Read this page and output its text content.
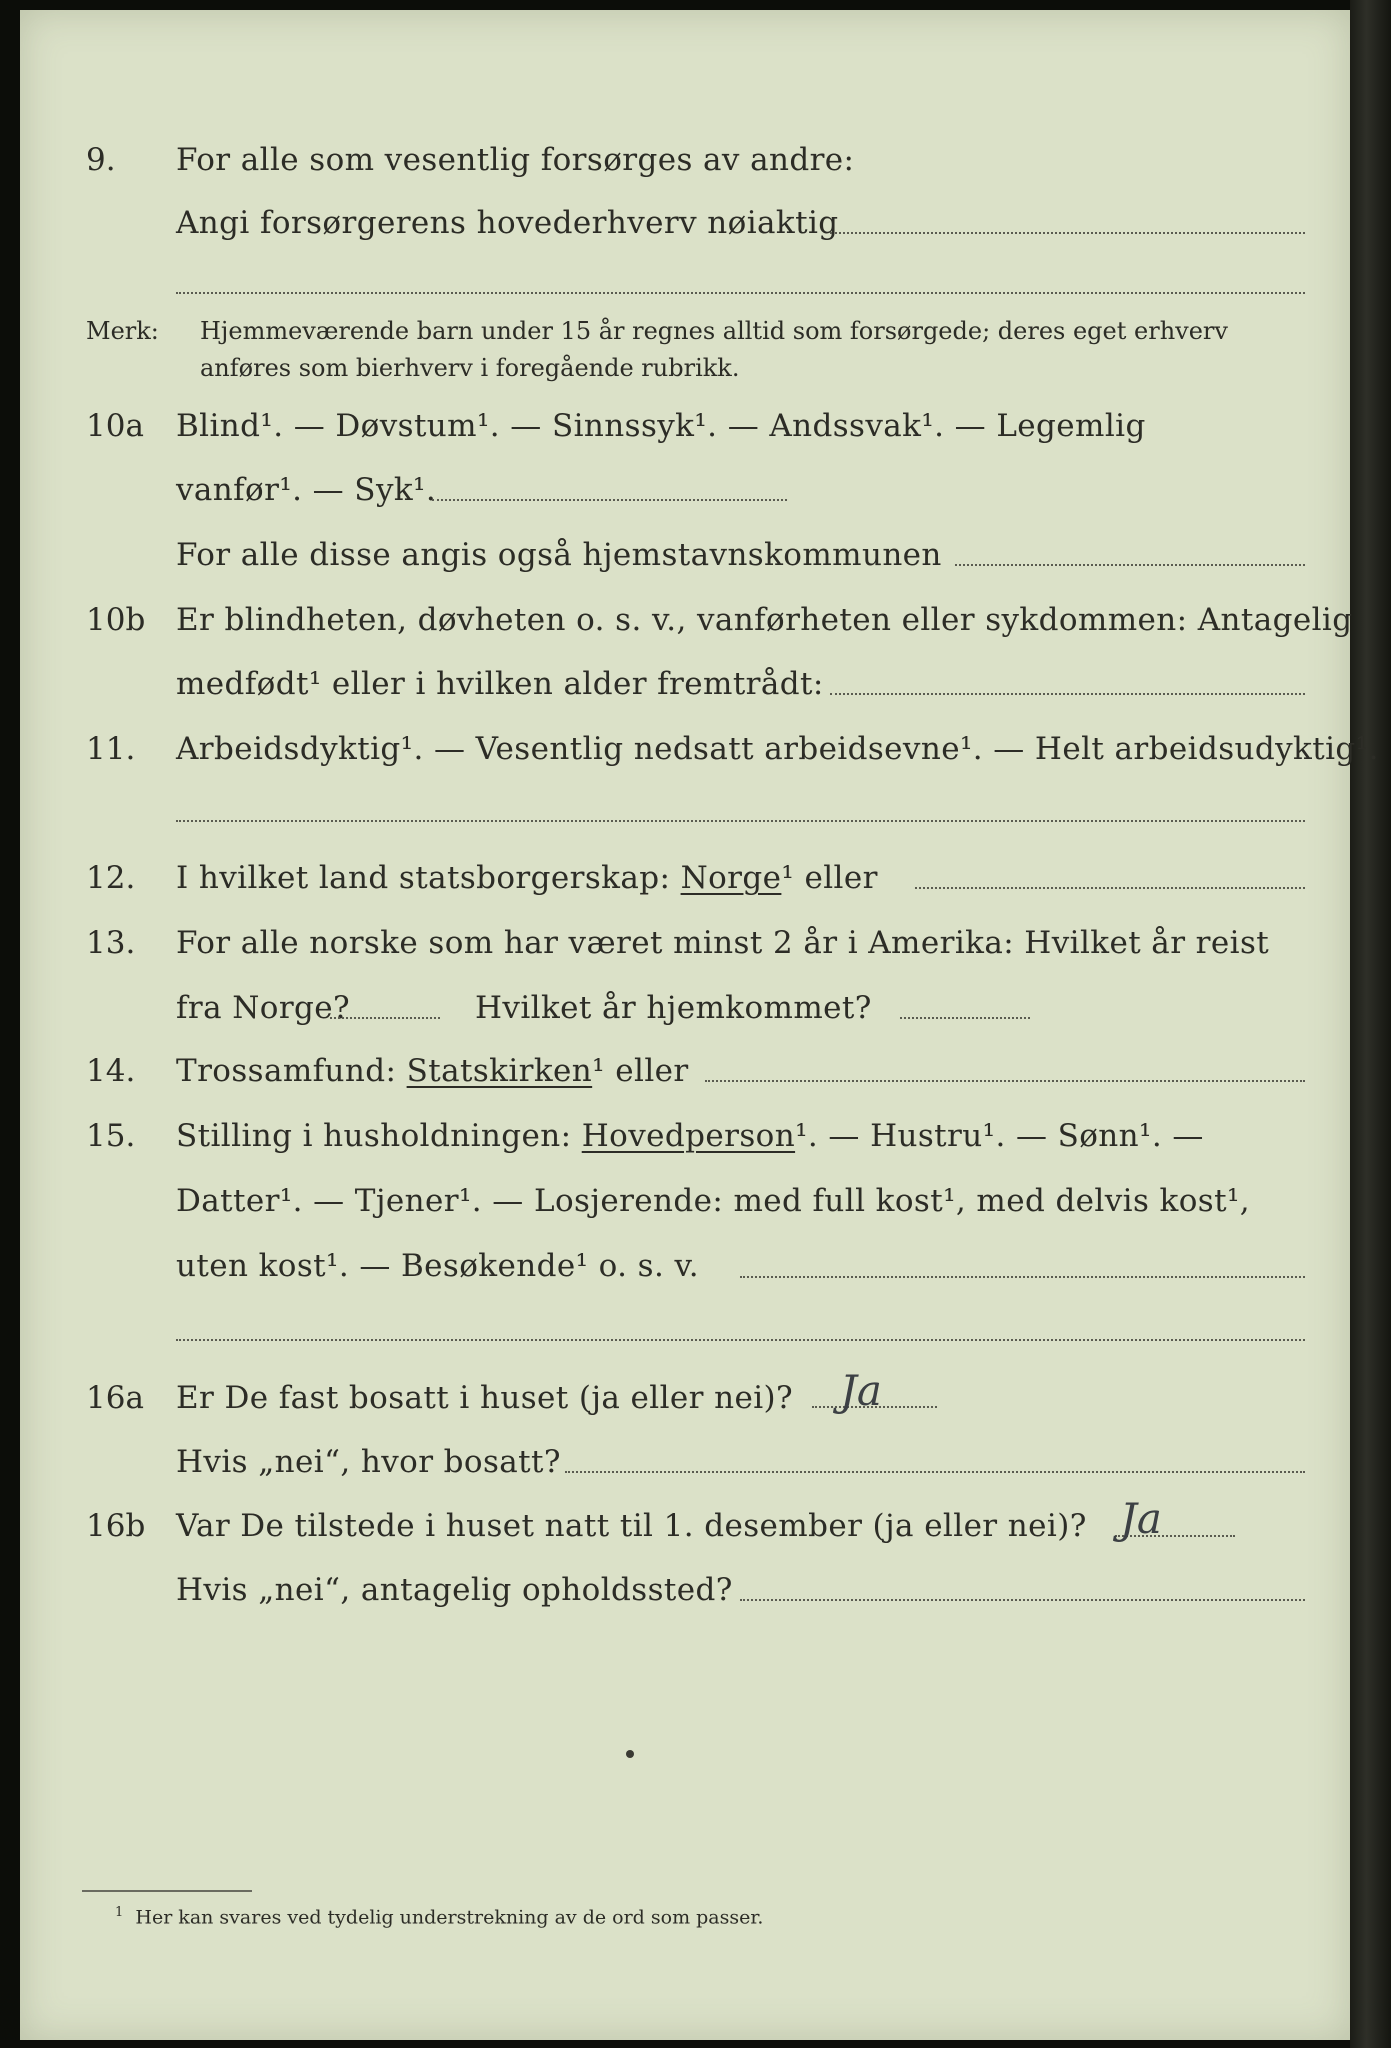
9. For alle som vesentlig forsørges av andre:
Angi forsørgerens hovederhverv nøiaktig
Merk: Hjemmeværende barn under 15 år regnes alltid som forsørgede; deres eget erhverv
anføres som bierhverv i foregående rubrikk.
10a Blind¹. — Døvstum¹. — Sinnssyk¹. — Andssvak¹. — Legemlig
vanfør¹. — Syk¹.
For alle disse angis også hjemstavnskommunen
10b Er blindheten, døvheten o. s. v., vanførheten eller sykdommen: Antagelig
medfødt¹ eller i hvilken alder fremtrådt:
11. Arbeidsdyktig¹. — Vesentlig nedsatt arbeidsevne¹. — Helt arbeidsudyktig¹.
12. I hvilket land statsborgerskap: Norge¹ eller
13. For alle norske som har været minst 2 år i Amerika: Hvilket år reist
fra Norge?	Hvilket år hjemkommet?
14. Trossamfund: Statskirken¹ eller
15. Stilling i husholdningen: Hovedperson¹. — Hustru¹. — Sønn¹. —
Datter¹. — Tjener¹. — Losjerende: med full kost¹, med delvis kost¹,
uten kost¹. — Besøkende¹ o. s. v.
16a Er De fast bosatt i huset (ja eller nei)? Ja
Hvis „nei“, hvor bosatt?
16b Var De tilstede i huset natt til 1. desember (ja eller nei)? Ja
Hvis „nei“, antagelig opholdssted?
$^1$ Her kan svares ved tydelig understrekning av de ord som passer.
